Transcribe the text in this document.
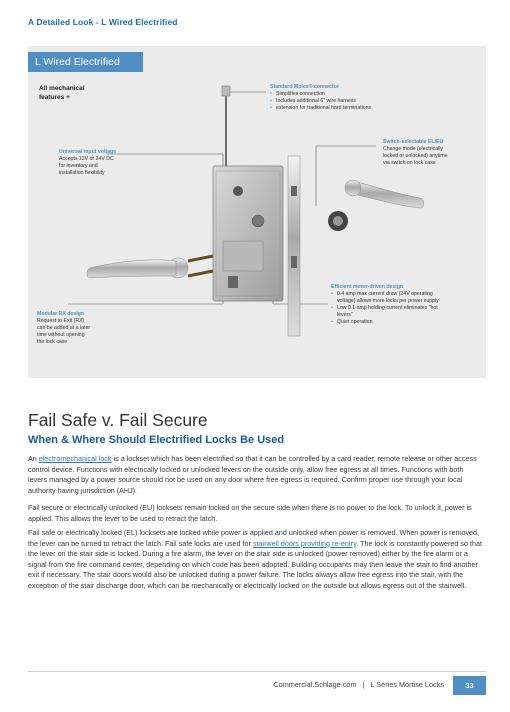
A Detailed Look - L Wired Electrified
L Wired Electrified
All mechanical
features +
Standard Molex® connector
• Simplifies connection
• Includes additional 6" wire harness
• extension for traditional hard terminations
Universal input voltage
Accepts 12V or 24V DC
for inventory and
installation flexibility
Switch-selectable EL/EU
Change mode (electrically
locked or unlocked) anytime
via switch on lock case
Efficient motor-driven design
• 0.4 amp max current draw (24V operating voltage) allows more locks per power supply
• Low 0.1 amp holding current eliminates "hot levers"
• Quiet operation
Modular RX design
Request to Exit (RX)
can be added at a later
time without opening
the lock case
Fail Safe v. Fail Secure
When & Where Should Electrified Locks Be Used

An electromechanical lock is a lockset which has been electrified so that it can be controlled by a card reader, remote release or other access control device. Functions with electrically locked or unlocked levers on the outside only, allow free egress at all times. Functions with both levers managed by a power source should not be used on any door where free egress is required. Confirm proper use through your local authority having jurisdiction (AHJ).

Fail secure or electrically unlocked (EU) locksets remain locked on the secure side when there is no power to the lock. To unlock it, power is applied. This allows the lever to be used to retract the latch.

Fail safe or electrically locked (EL) locksets are locked while power is applied and unlocked when power is removed. When power is removed, the lever can be turned to retract the latch. Fail safe locks are used for stairwell doors providing re-entry. The lock is constantly powered so that the lever on the stair side is locked. During a fire alarm, the lever on the stair side is unlocked (power removed) either by the fire alarm or a signal from the fire command center, depending on which code has been adopted. Building occupants may then leave the stair to find another exit if necessary. The stair doors would also be unlocked during a power failure. The locks always allow free egress into the stair, with the exception of the stair discharge door, which can be mechanically or electrically locked on the outside but allows egress out of the stairwell.

Commercial.Schlage.com | L Series Mortise Locks	33
